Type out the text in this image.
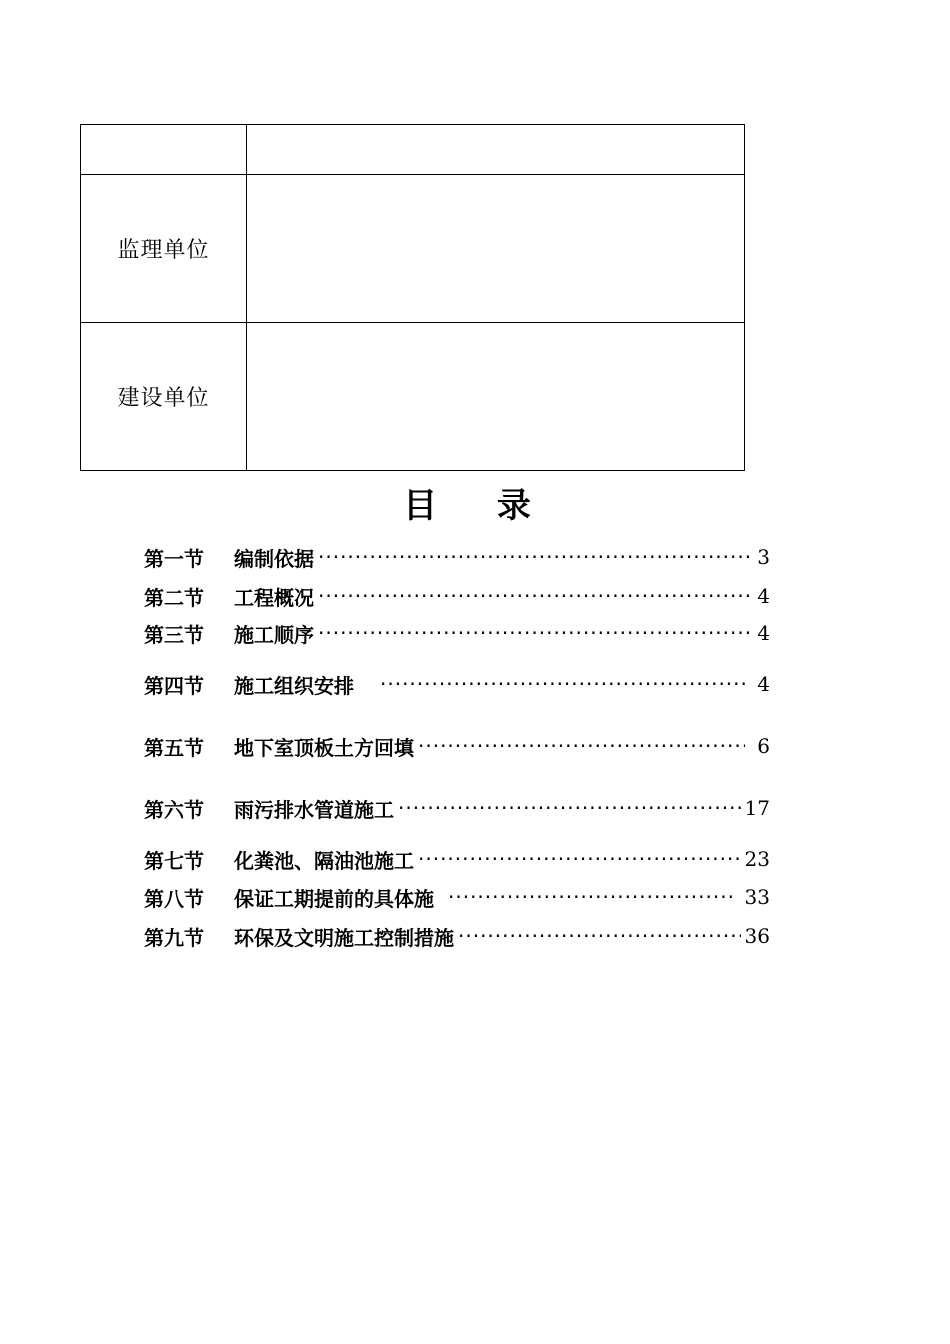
监理单位	
建设单位	
目 录
第一节	编制依据 ·····	3
第二节	工程概况 ·····	4
第三节	施工顺序 ·····	4
第四节	施工组织安排 ·····	4
第五节	地下室顶板土方回填 ·····	6
第六节	雨污排水管道施工 ·····	17
第七节	化粪池、隔油池施工 ·····	23
第八节	保证工期提前的具体施 ·····	33
第九节	环保及文明施工控制措施 ·····	36
